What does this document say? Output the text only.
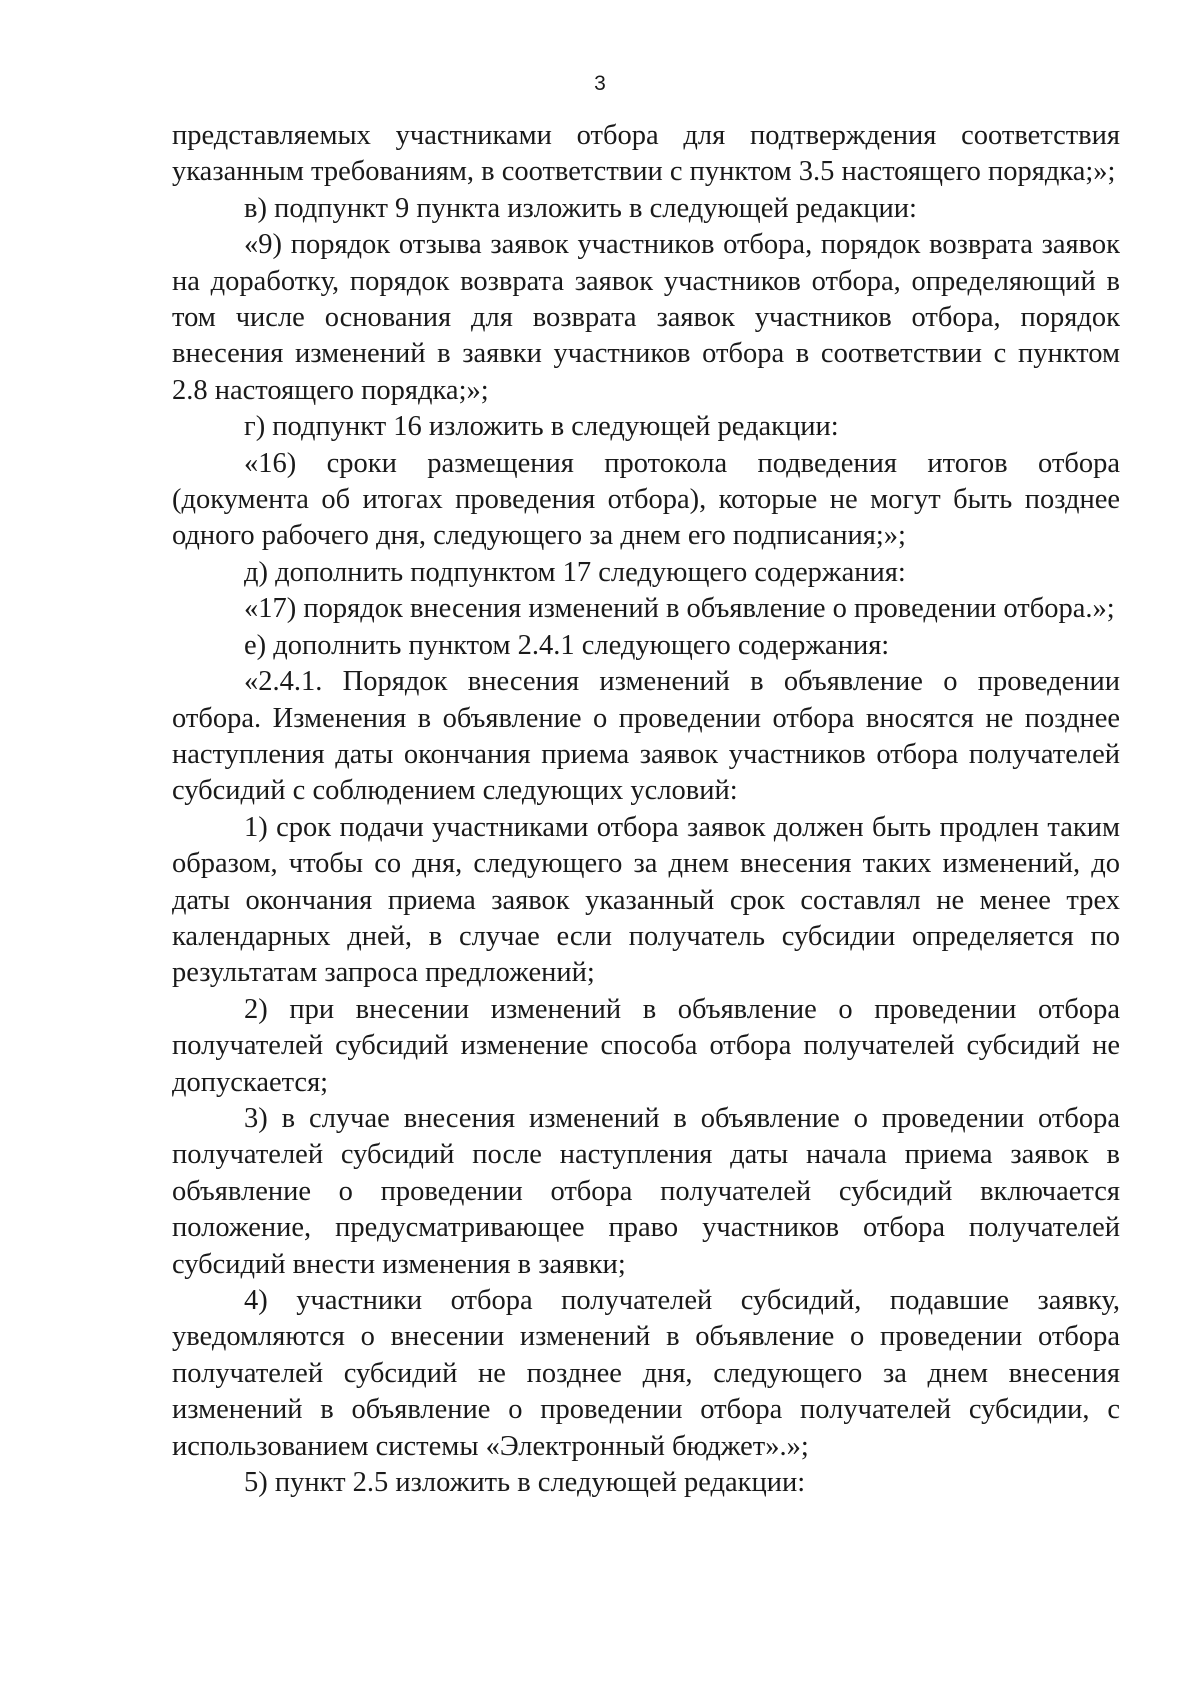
3

представляемых участниками отбора для подтверждения соответствия указанным требованиям, в соответствии с пунктом 3.5 настоящего порядка;»;

в) подпункт 9 пункта изложить в следующей редакции:

«9) порядок отзыва заявок участников отбора, порядок возврата заявок на доработку, порядок возврата заявок участников отбора, определяющий в том числе основания для возврата заявок участников отбора, порядок внесения изменений в заявки участников отбора в соответствии с пунктом 2.8 настоящего порядка;»;

г) подпункт 16 изложить в следующей редакции:

«16) сроки размещения протокола подведения итогов отбора (документа об итогах проведения отбора), которые не могут быть позднее одного рабочего дня, следующего за днем его подписания;»;

д) дополнить подпунктом 17 следующего содержания:

«17) порядок внесения изменений в объявление о проведении отбора.»;

е) дополнить пунктом 2.4.1 следующего содержания:

«2.4.1. Порядок внесения изменений в объявление о проведении отбора. Изменения в объявление о проведении отбора вносятся не позднее наступления даты окончания приема заявок участников отбора получателей субсидий с соблюдением следующих условий:

1) срок подачи участниками отбора заявок должен быть продлен таким образом, чтобы со дня, следующего за днем внесения таких изменений, до даты окончания приема заявок указанный срок составлял не менее трех календарных дней, в случае если получатель субсидии определяется по результатам запроса предложений;

2) при внесении изменений в объявление о проведении отбора получателей субсидий изменение способа отбора получателей субсидий не допускается;

3) в случае внесения изменений в объявление о проведении отбора получателей субсидий после наступления даты начала приема заявок в объявление о проведении отбора получателей субсидий включается положение, предусматривающее право участников отбора получателей субсидий внести изменения в заявки;

4) участники отбора получателей субсидий, подавшие заявку, уведомляются о внесении изменений в объявление о проведении отбора получателей субсидий не позднее дня, следующего за днем внесения изменений в объявление о проведении отбора получателей субсидии, с использованием системы «Электронный бюджет».»;

5) пункт 2.5 изложить в следующей редакции:
